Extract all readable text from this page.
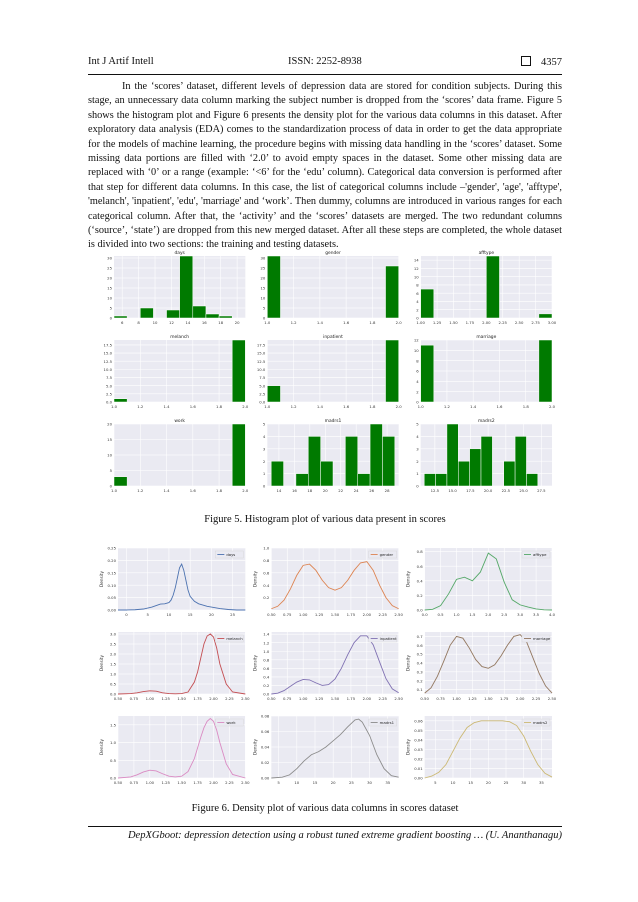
Int J Artif Intell	ISSN: 2252-8938	4357
In the ‘scores’ dataset, different levels of depression data are stored for condition subjects. During this stage, an unnecessary data column marking the subject number is dropped from the ‘scores’ data frame. Figure 5 shows the histogram plot and Figure 6 presents the density plot for the various data columns in this dataset. After exploratory data analysis (EDA) comes to the standardization process of data in order to get the data appropriate for the models of machine learning, the procedure begins with missing data handling in the ‘scores’ dataset. Some missing data portions are filled with ‘2.0’ to avoid empty spaces in the dataset. Some other missing data are replaced with ‘0’ or a range (example: ‘<6’ for the ‘edu’ column). Categorical data conversion is performed after that step for different data columns. In this case, the list of categorical columns include –'gender', 'age', 'afftype', 'melanch', 'inpatient', 'edu', 'marriage' and ‘work’. Then dummy, columns are introduced in various ranges for each categorical column. After that, the ‘activity’ and the ‘scores’ datasets are merged. The two redundant columns (‘source’, ‘state’) are dropped from this new merged dataset. After all these steps are completed, the whole dataset is divided into two sections: the training and testing datasets.
0
5
10
15
20
25
30
6	8	10	12	14	16	18	20
days
0
5
10
15
20
25
30
1.0	1.2	1.4	1.6	1.8	2.0
gender
0
2
4
6
8
10
12
14
1.00 1.25 1.50 1.75 2.00 2.25 2.50 2.75 3.00
afftype
0.0
2.5
5.0
7.5
10.0
12.5
15.0
17.5
1.0	1.2	1.4	1.6	1.8	2.0
melanch
0.0
2.5
5.0
7.5
10.0
12.5
15.0
17.5
1.0	1.2	1.4	1.6	1.8	2.0
inpatient
0
2
4
6
8
10
12
1.0	1.2	1.4	1.6	1.8	2.0
marriage
0
5
10
15
20
1.0	1.2	1.4	1.6	1.8	2.0
work
0
1
2
3
4
5
14	16	18	20	22	24	26	28
madrs1
0
1
2
3
4
5
12.5 15.0 17.5 20.0 22.5 25.0 27.5
madrs2
Figure 5. Histogram plot of various data present in scores
0.00
0.05
0.10
0.15
0.20
0.25
0	5	10	15	20	25
Density
days
0.2
0.4
0.6
0.8
1.0
0.50 0.75 1.00 1.25 1.50 1.75 2.00 2.25 2.50
Density
gender
0.0
0.2
0.4
0.6
0.8
0.0	0.5	1.0	1.5	2.0	2.5	3.0	3.5	4.0
Density
afftype
0.0
0.5
1.0
1.5
2.0
2.5
3.0
0.50 0.75 1.00 1.25 1.50 1.75 2.00 2.25 2.50
Density
melanch
0.0
0.2
0.4
0.6
0.8
1.0
1.2
1.4
0.50 0.75 1.00 1.25 1.50 1.75 2.00 2.25 2.50
Density
inpatient
0.1
0.2
0.3
0.4
0.5
0.6
0.7
0.50 0.75 1.00 1.25 1.50 1.75 2.00 2.25 2.50
Density
marriage
0.0
0.5
1.0
1.5
0.50 0.75 1.00 1.25 1.50 1.75 2.00 2.25 2.50
Density
work
0.00
0.02
0.04
0.06
0.08
5	10	15	20	25	30	35
Density
madrs1
0.00
0.01
0.02
0.03
0.04
0.05
0.06
5	10	15	20	25	30	35
Density
madrs2
Figure 6. Density plot of various data columns in scores dataset
DepXGboot: depression detection using a robust tuned extreme gradient boosting … (U. Ananthanagu)
